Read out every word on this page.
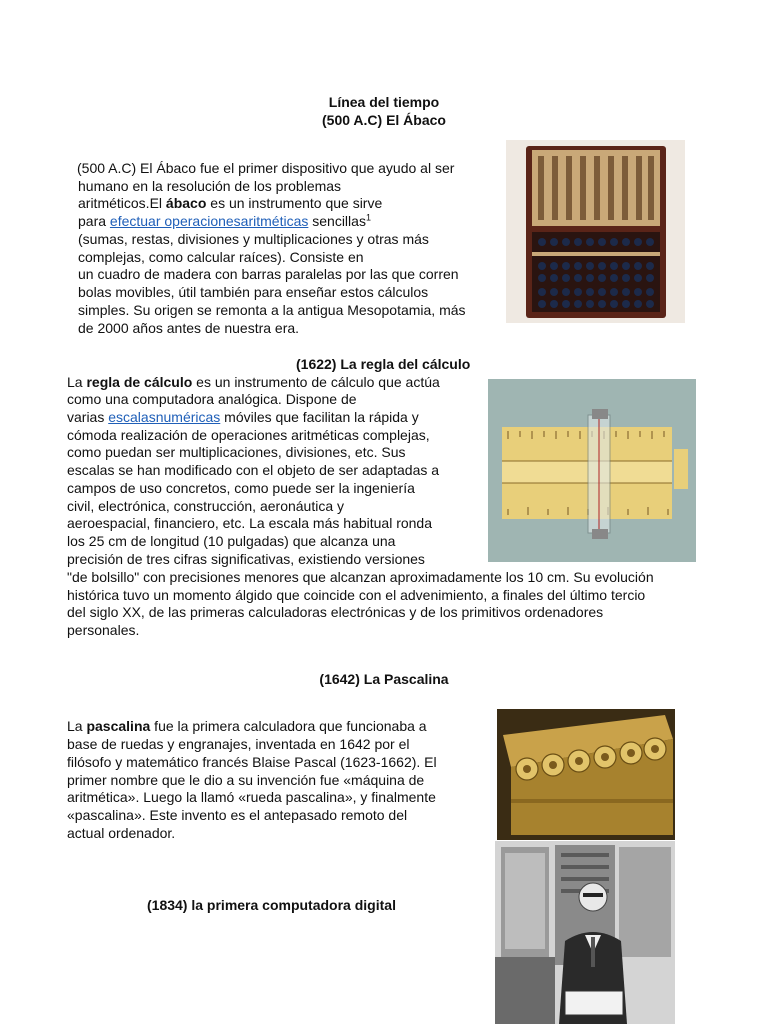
Línea del tiempo
(500 A.C) El Ábaco
(500 A.C) El Ábaco fue el primer dispositivo que ayudo al ser
humano en la resolución de los problemas
aritméticos.El ábaco es un instrumento que sirve
para efectuar operacionesaritméticas sencillas$^1$
(sumas, restas, divisiones y multiplicaciones y otras más
complejas, como calcular raíces). Consiste en
un cuadro de madera con barras paralelas por las que corren
bolas movibles, útil también para enseñar estos cálculos
simples. Su origen se remonta a la antigua Mesopotamia, más
de 2000 años antes de nuestra era.
(1622) La regla del cálculo
La regla de cálculo es un instrumento de cálculo que actúa
como una computadora analógica. Dispone de
varias escalasnuméricas móviles que facilitan la rápida y
cómoda realización de operaciones aritméticas complejas,
como puedan ser multiplicaciones, divisiones, etc. Sus
escalas se han modificado con el objeto de ser adaptadas a
campos de uso concretos, como puede ser la ingeniería
civil, electrónica, construcción, aeronáutica y
aeroespacial, financiero, etc. La escala más habitual ronda
los 25 cm de longitud (10 pulgadas) que alcanza una
precisión de tres cifras significativas, existiendo versiones
"de bolsillo" con precisiones menores que alcanzan aproximadamente los 10 cm. Su evolución
histórica tuvo un momento álgido que coincide con el advenimiento, a finales del último tercio
del siglo XX, de las primeras calculadoras electrónicas y de los primitivos ordenadores
personales.
(1642) La Pascalina
La pascalina fue la primera calculadora que funcionaba a
base de ruedas y engranajes, inventada en 1642 por el
filósofo y matemático francés Blaise Pascal (1623-1662). El
primer nombre que le dio a su invención fue «máquina de
aritmética». Luego la llamó «rueda pascalina», y finalmente
«pascalina». Este invento es el antepasado remoto del
actual ordenador.
(1834) la primera computadora digital
